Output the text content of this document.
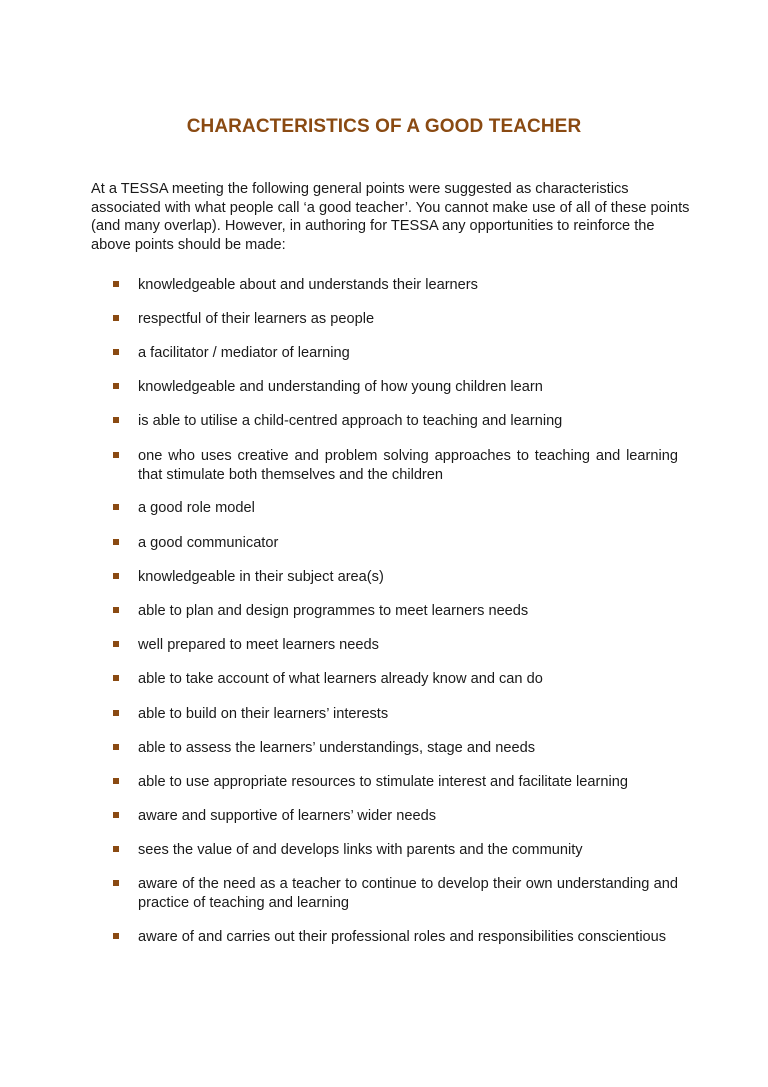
CHARACTERISTICS OF A GOOD TEACHER

At a TESSA meeting the following general points were suggested as characteristics associated with what people call ‘a good teacher’. You cannot make use of all of these points (and many overlap). However, in authoring for TESSA any opportunities to reinforce the above points should be made:

knowledgeable about and understands their learners
respectful of their learners as people
a facilitator / mediator of learning
knowledgeable and understanding of how young children learn
is able to utilise a child-centred approach to teaching and learning
one who uses creative and problem solving approaches to teaching and learning that stimulate both themselves and the children
a good role model
a good communicator
knowledgeable in their subject area(s)
able to plan and design programmes to meet learners needs
well prepared to meet learners needs
able to take account of what learners already know and can do
able to build on their learners’ interests
able to assess the learners’ understandings, stage and needs
able to use appropriate resources to stimulate interest and facilitate learning
aware and supportive of learners’ wider needs
sees the value of and develops links with parents and the community
aware of the need as a teacher to continue to develop their own understanding and practice of teaching and learning
aware of and carries out their professional roles and responsibilities conscientious
